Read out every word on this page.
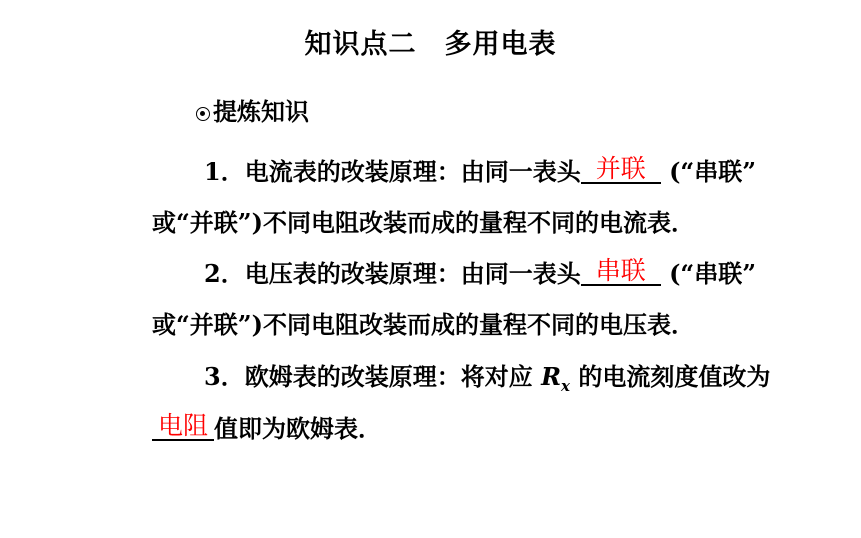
知识点二 多用电表
提炼知识
1．电流表的改装原理：由同一表头 并联 (“串联”
或“并联”)不同电阻改装而成的量程不同的电流表．
2．电压表的改装原理：由同一表头 串联 (“串联”
或“并联”)不同电阻改装而成的量程不同的电压表．
3．欧姆表的改装原理：将对应 $R_x$ 的电流刻度值改为
电阻 值即为欧姆表．
